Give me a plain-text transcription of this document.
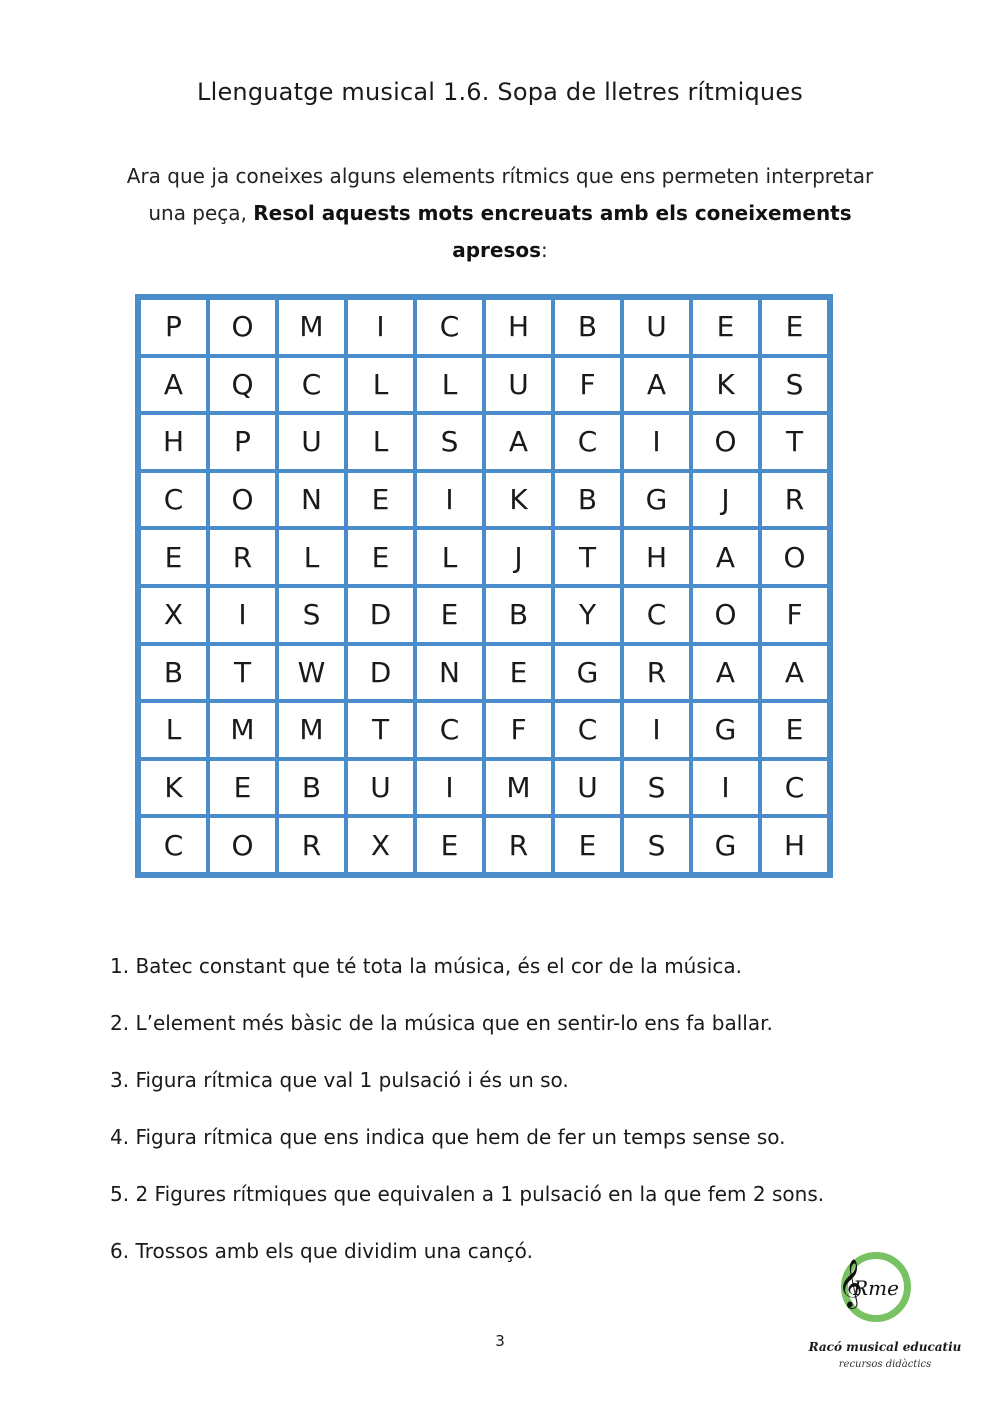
Llenguatge musical 1.6. Sopa de lletres rítmiques
Ara que ja coneixes alguns elements rítmics que ens permeten interpretar
una peça, Resol aquests mots encreuats amb els coneixements apresos:
P	O	M	I	C	H	B	U	E	E
A	Q	C	L	L	U	F	A	K	S
H	P	U	L	S	A	C	I	O	T
C	O	N	E	I	K	B	G	J	R
E	R	L	E	L	J	T	H	A	O
X	I	S	D	E	B	Y	C	O	F
B	T	W	D	N	E	G	R	A	A
L	M	M	T	C	F	C	I	G	E
K	E	B	U	I	M	U	S	I	C
C	O	R	X	E	R	E	S	G	H
1. Batec constant que té tota la música, és el cor de la música.
2. L’element més bàsic de la música que en sentir-lo ens fa ballar.
3. Figura rítmica que val 1 pulsació i és un so.
4. Figura rítmica que ens indica que hem de fer un temps sense so.
5. 2 Figures rítmiques que equivalen a 1 pulsació en la que fem 2 sons.
6. Trossos amb els que dividim una cançó.
3
𝄞
Rme
Racó musical educatiu
recursos didàctics
